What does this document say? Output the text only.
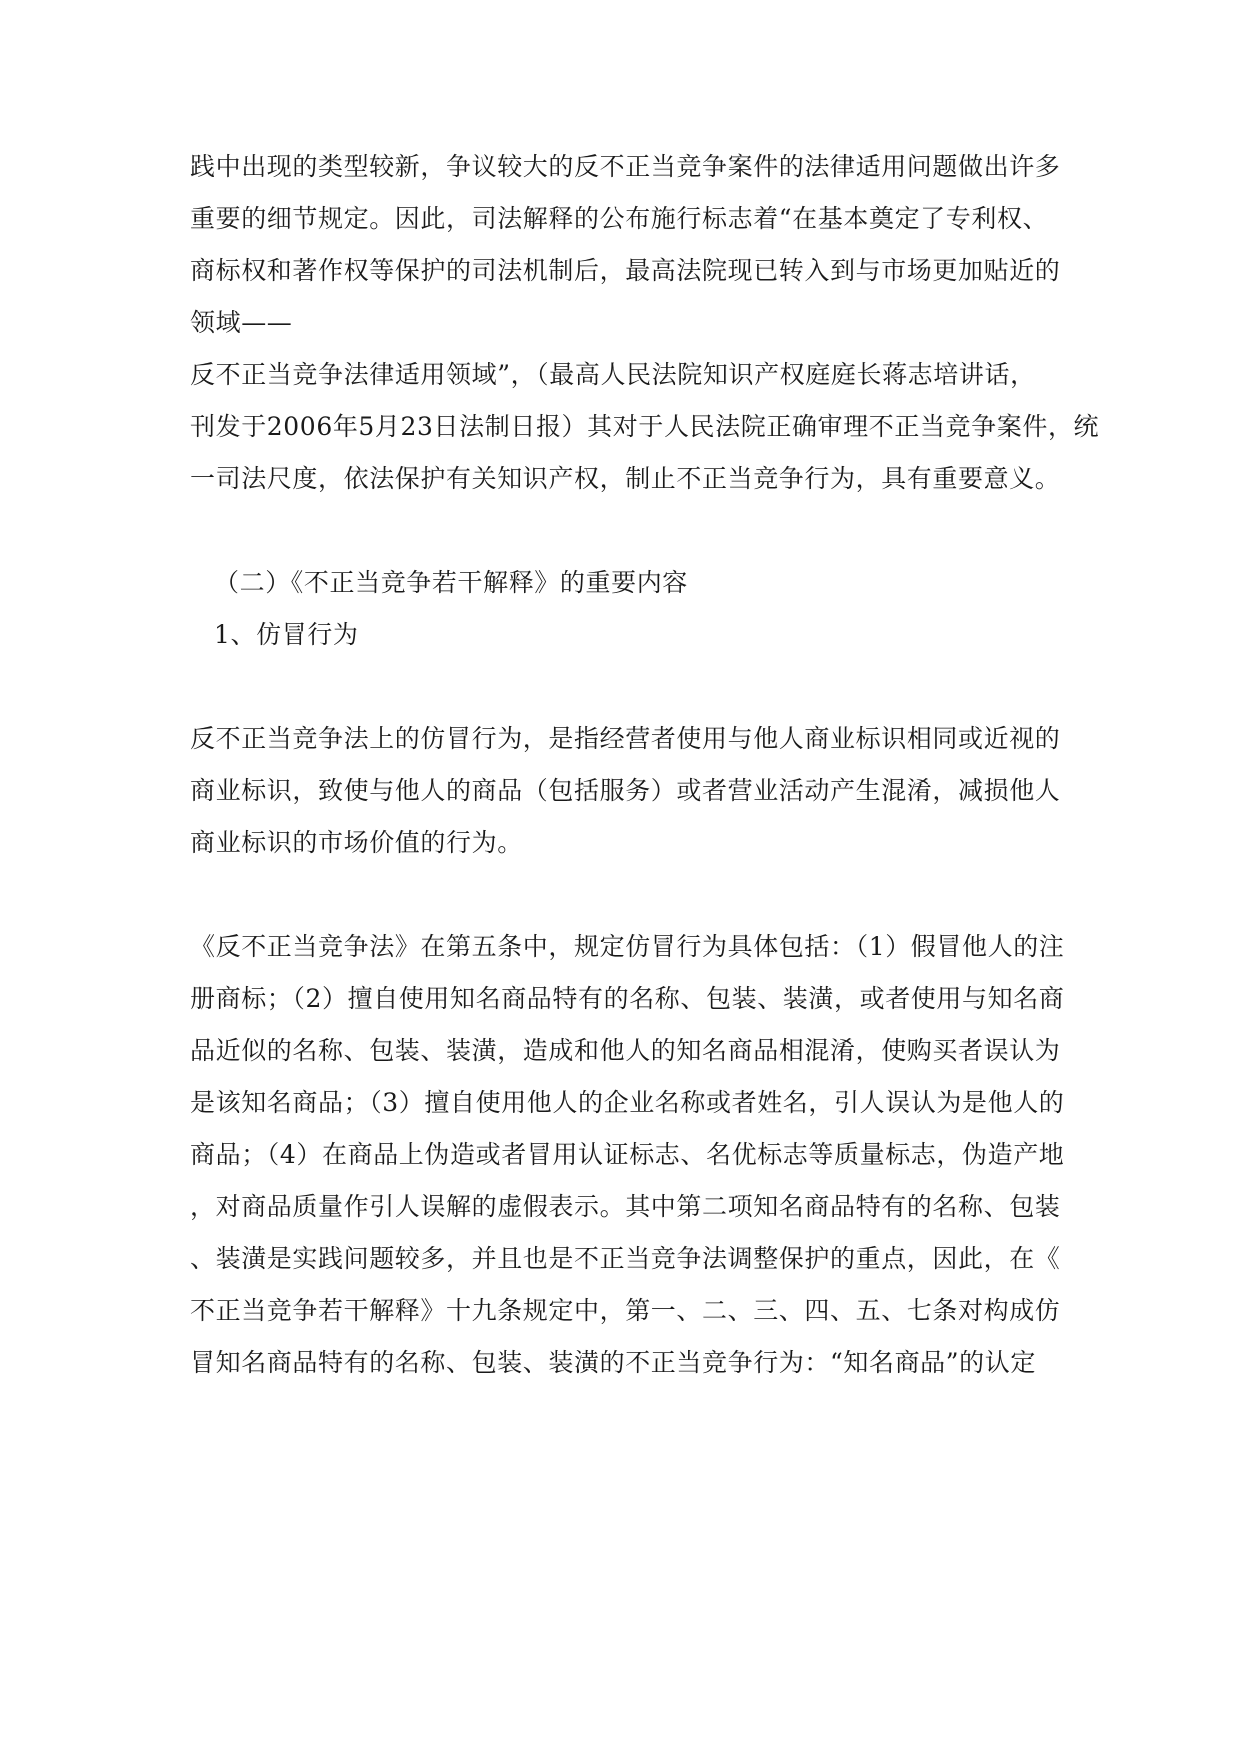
践中出现的类型较新，争议较大的反不正当竞争案件的法律适用问题做出许多
重要的细节规定。因此，司法解释的公布施行标志着“在基本奠定了专利权、
商标权和著作权等保护的司法机制后，最高法院现已转入到与市场更加贴近的
领域——
反不正当竞争法律适用领域”，（最高人民法院知识产权庭庭长蒋志培讲话，
刊发于2006年5月23日法制日报）其对于人民法院正确审理不正当竞争案件，统
一司法尺度，依法保护有关知识产权，制止不正当竞争行为，具有重要意义。
（二）《不正当竞争若干解释》的重要内容
1、仿冒行为
反不正当竞争法上的仿冒行为，是指经营者使用与他人商业标识相同或近视的
商业标识，致使与他人的商品（包括服务）或者营业活动产生混淆，减损他人
商业标识的市场价值的行为。
《反不正当竞争法》在第五条中，规定仿冒行为具体包括：（1）假冒他人的注
册商标；（2）擅自使用知名商品特有的名称、包装、装潢，或者使用与知名商
品近似的名称、包装、装潢，造成和他人的知名商品相混淆，使购买者误认为
是该知名商品；（3）擅自使用他人的企业名称或者姓名，引人误认为是他人的
商品；（4）在商品上伪造或者冒用认证标志、名优标志等质量标志，伪造产地
，对商品质量作引人误解的虚假表示。其中第二项知名商品特有的名称、包装
、装潢是实践问题较多，并且也是不正当竞争法调整保护的重点，因此，在《
不正当竞争若干解释》十九条规定中，第一、二、三、四、五、七条对构成仿
冒知名商品特有的名称、包装、装潢的不正当竞争行为：“知名商品”的认定
